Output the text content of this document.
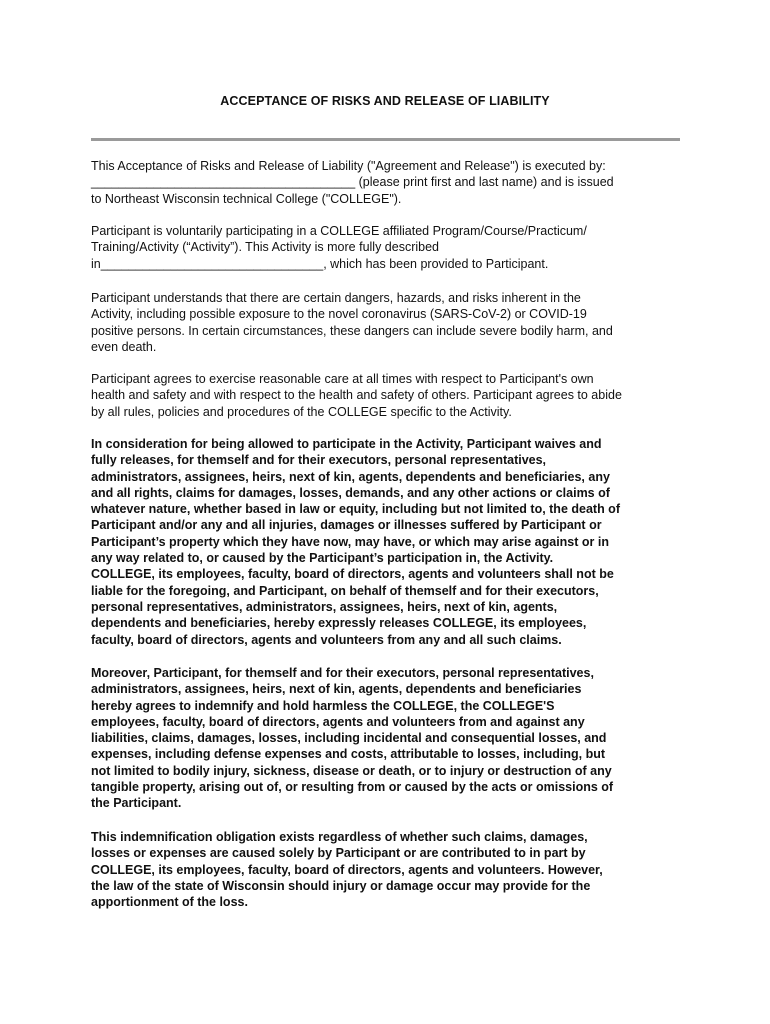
ACCEPTANCE OF RISKS AND RELEASE OF LIABILITY

This Acceptance of Risks and Release of Liability ("Agreement and Release") is executed by:
______________________________________ (please print first and last name) and is issued
to Northeast Wisconsin technical College ("COLLEGE").

Participant is voluntarily participating in a COLLEGE affiliated Program/Course/Practicum/
Training/Activity (“Activity”). This Activity is more fully described
in________________________________, which has been provided to Participant.

Participant understands that there are certain dangers, hazards, and risks inherent in the
Activity, including possible exposure to the novel coronavirus (SARS-CoV-2) or COVID-19
positive persons. In certain circumstances, these dangers can include severe bodily harm, and
even death.

Participant agrees to exercise reasonable care at all times with respect to Participant's own
health and safety and with respect to the health and safety of others. Participant agrees to abide
by all rules, policies and procedures of the COLLEGE specific to the Activity.

In consideration for being allowed to participate in the Activity, Participant waives and
fully releases, for themself and for their executors, personal representatives,
administrators, assignees, heirs, next of kin, agents, dependents and beneficiaries, any
and all rights, claims for damages, losses, demands, and any other actions or claims of
whatever nature, whether based in law or equity, including but not limited to, the death of
Participant and/or any and all injuries, damages or illnesses suffered by Participant or
Participant’s property which they have now, may have, or which may arise against or in
any way related to, or caused by the Participant’s participation in, the Activity.
COLLEGE, its employees, faculty, board of directors, agents and volunteers shall not be
liable for the foregoing, and Participant, on behalf of themself and for their executors,
personal representatives, administrators, assignees, heirs, next of kin, agents,
dependents and beneficiaries, hereby expressly releases COLLEGE, its employees,
faculty, board of directors, agents and volunteers from any and all such claims.

Moreover, Participant, for themself and for their executors, personal representatives,
administrators, assignees, heirs, next of kin, agents, dependents and beneficiaries
hereby agrees to indemnify and hold harmless the COLLEGE, the COLLEGE'S
employees, faculty, board of directors, agents and volunteers from and against any
liabilities, claims, damages, losses, including incidental and consequential losses, and
expenses, including defense expenses and costs, attributable to losses, including, but
not limited to bodily injury, sickness, disease or death, or to injury or destruction of any
tangible property, arising out of, or resulting from or caused by the acts or omissions of
the Participant.

This indemnification obligation exists regardless of whether such claims, damages,
losses or expenses are caused solely by Participant or are contributed to in part by
COLLEGE, its employees, faculty, board of directors, agents and volunteers. However,
the law of the state of Wisconsin should injury or damage occur may provide for the
apportionment of the loss.
